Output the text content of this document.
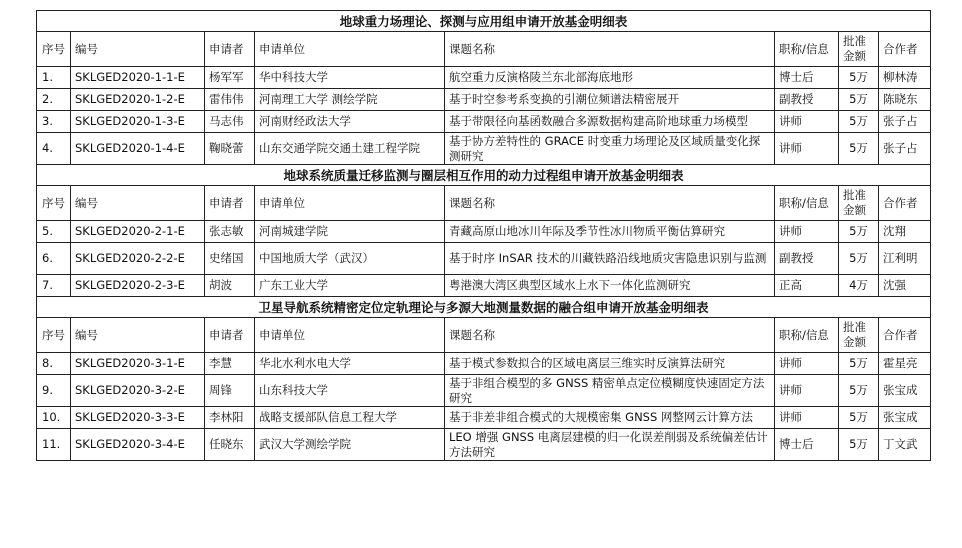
地球重力场理论、探测与应用组申请开放基金明细表							
序号	编号	申请者	申请单位	课题名称	职称/信息	批准金额	合作者
1.	SKLGED2020-1-1-E	杨军军	华中科技大学	航空重力反演格陵兰东北部海底地形	博士后	5万	柳林涛
2.	SKLGED2020-1-2-E	雷伟伟	河南理工大学 测绘学院	基于时空参考系变换的引潮位频谱法精密展开	副教授	5万	陈晓东
3.	SKLGED2020-1-3-E	马志伟	河南财经政法大学	基于带限径向基函数融合多源数据构建高阶地球重力场模型	讲师	5万	张子占
4.	SKLGED2020-1-4-E	鞠晓蕾	山东交通学院交通土建工程学院	基于协方差特性的 GRACE 时变重力场理论及区域质量变化探测研究	讲师	5万	张子占
地球系统质量迁移监测与圈层相互作用的动力过程组申请开放基金明细表							
序号	编号	申请者	申请单位	课题名称	职称/信息	批准金额	合作者
5.	SKLGED2020-2-1-E	张志敏	河南城建学院	青藏高原山地冰川年际及季节性冰川物质平衡估算研究	讲师	5万	沈翔
6.	SKLGED2020-2-2-E	史绪国	中国地质大学（武汉）	基于时序 InSAR 技术的川藏铁路沿线地质灾害隐患识别与监测	副教授	5万	江利明
7.	SKLGED2020-2-3-E	胡波	广东工业大学	粤港澳大湾区典型区域水上水下一体化监测研究	正高	4万	沈强
卫星导航系统精密定位定轨理论与多源大地测量数据的融合组申请开放基金明细表							
序号	编号	申请者	申请单位	课题名称	职称/信息	批准金额	合作者
8.	SKLGED2020-3-1-E	李慧	华北水利水电大学	基于模式参数拟合的区域电离层三维实时反演算法研究	讲师	5万	霍星亮
9.	SKLGED2020-3-2-E	周锋	山东科技大学	基于非组合模型的多 GNSS 精密单点定位模糊度快速固定方法研究	讲师	5万	张宝成
10.	SKLGED2020-3-3-E	李林阳	战略支援部队信息工程大学	基于非差非组合模式的大规模密集 GNSS 网整网云计算方法	讲师	5万	张宝成
11.	SKLGED2020-3-4-E	任晓东	武汉大学测绘学院	LEO 增强 GNSS 电离层建模的归一化误差削弱及系统偏差估计方法研究	博士后	5万	丁文武
